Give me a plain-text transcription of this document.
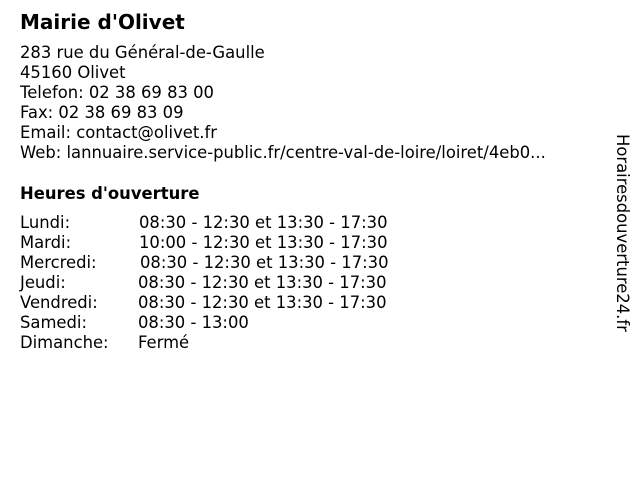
Mairie d'Olivet
283 rue du Général-de-Gaulle
45160 Olivet
Telefon: 02 38 69 83 00
Fax: 02 38 69 83 09
Email: contact@olivet.fr
Web: lannuaire.service-public.fr/centre-val-de-loire/loiret/4eb0...
Heures d'ouverture
Lundi:	08:30 - 12:30 et 13:30 - 17:30
Mardi:	10:00 - 12:30 et 13:30 - 17:30
Mercredi:	08:30 - 12:30 et 13:30 - 17:30
Jeudi:	08:30 - 12:30 et 13:30 - 17:30
Vendredi: 08:30 - 12:30 et 13:30 - 17:30
Samedi:	08:30 - 13:00
Dimanche: Fermé
Horairesdouverture24.fr
